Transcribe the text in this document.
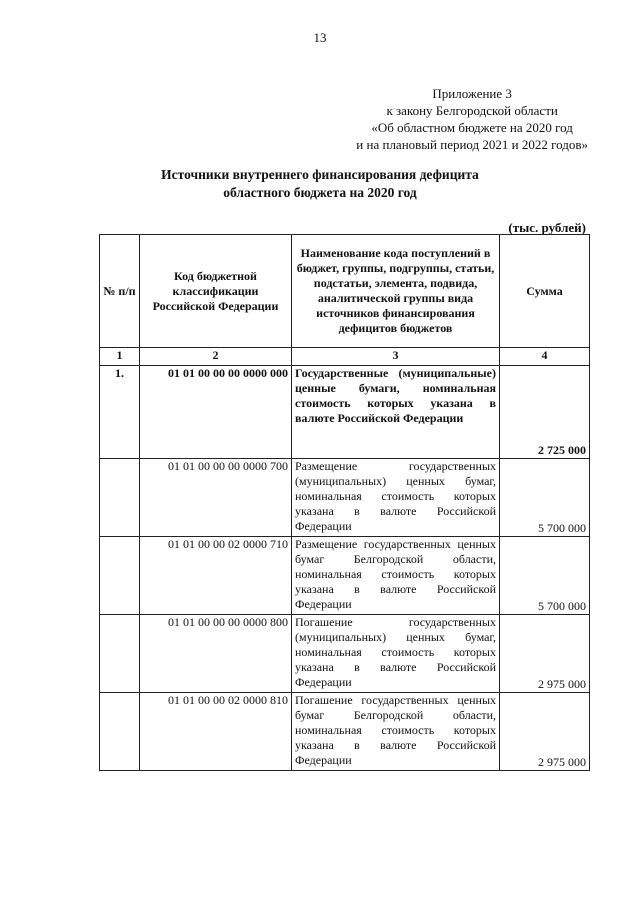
13
Приложение 3
к закону Белгородской области
«Об областном бюджете на 2020 год
и на плановый период 2021 и 2022 годов»
Источники внутреннего финансирования дефицита
областного бюджета на 2020 год
(тыс. рублей)
№ п/п	Код бюджетной классификации Российской Федерации	Наименование кода поступлений в бюджет, группы, подгруппы, статьи, подстатьи, элемента, подвида, аналитической группы вида источников финансирования дефицитов бюджетов	Сумма
1	2	3	4
1.	01 01 00 00 00 0000 000	Государственные (муниципальные) ценные бумаги, номинальная стоимость которых указана в валюте Российской Федерации	2 725 000
	01 01 00 00 00 0000 700	Размещение государственных (муниципальных) ценных бумаг, номинальная стоимость которых указана в валюте Российской Федерации	5 700 000
	01 01 00 00 02 0000 710	Размещение государственных ценных бумаг Белгородской области, номинальная стоимость которых указана в валюте Российской Федерации	5 700 000
	01 01 00 00 00 0000 800	Погашение государственных (муниципальных) ценных бумаг, номинальная стоимость которых указана в валюте Российской Федерации	2 975 000
	01 01 00 00 02 0000 810	Погашение государственных ценных бумаг Белгородской области, номинальная стоимость которых указана в валюте Российской Федерации	2 975 000
